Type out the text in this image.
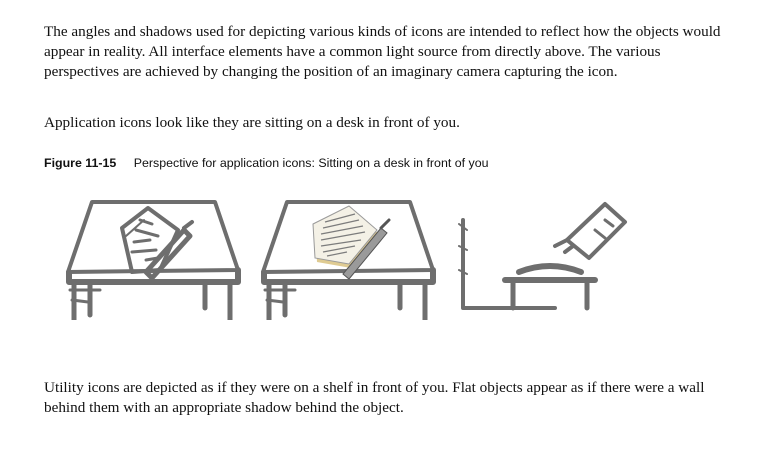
The angles and shadows used for depicting various kinds of icons are intended to reflect how the objects would appear in reality. All interface elements have a common light source from directly above. The various perspectives are achieved by changing the position of an imaginary camera capturing the icon.

Application icons look like they are sitting on a desk in front of you.

Figure 11-15 Perspective for application icons: Sitting on a desk in front of you

Utility icons are depicted as if they were on a shelf in front of you. Flat objects appear as if there were a wall behind them with an appropriate shadow behind the object.
